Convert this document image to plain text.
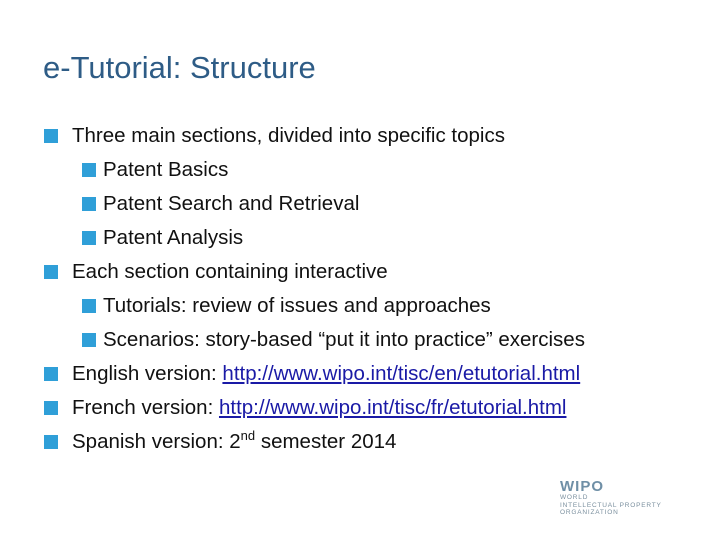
e-Tutorial: Structure
Three main sections, divided into specific topics
Patent Basics
Patent Search and Retrieval
Patent Analysis
Each section containing interactive
Tutorials: review of issues and approaches
Scenarios: story-based “put it into practice” exercises
English version: http://www.wipo.int/tisc/en/etutorial.html
French version: http://www.wipo.int/tisc/fr/etutorial.html
Spanish version: 2nd semester 2014
WIPO
WORLD
INTELLECTUAL PROPERTY
ORGANIZATION
